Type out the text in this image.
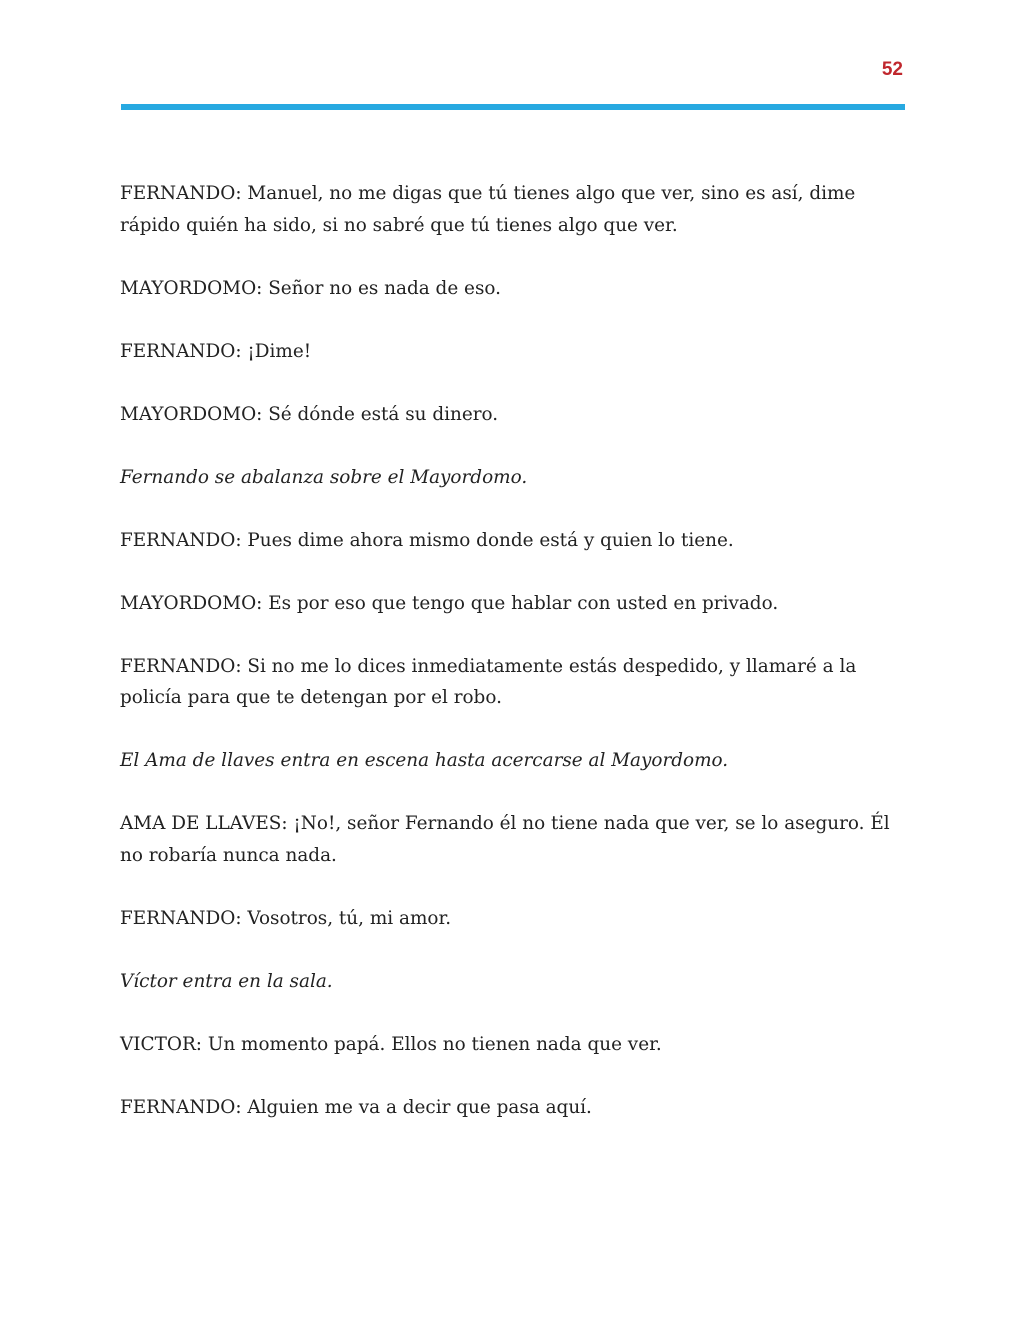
52

FERNANDO: Manuel, no me digas que tú tienes algo que ver, sino es así, dime rápido quién ha sido, si no sabré que tú tienes algo que ver.

MAYORDOMO: Señor no es nada de eso.

FERNANDO: ¡Dime!

MAYORDOMO: Sé dónde está su dinero.

Fernando se abalanza sobre el Mayordomo.

FERNANDO: Pues dime ahora mismo donde está y quien lo tiene.

MAYORDOMO: Es por eso que tengo que hablar con usted en privado.

FERNANDO: Si no me lo dices inmediatamente estás despedido, y llamaré a la policía para que te detengan por el robo.

El Ama de llaves entra en escena hasta acercarse al Mayordomo.

AMA DE LLAVES: ¡No!, señor Fernando él no tiene nada que ver, se lo aseguro. Él no robaría nunca nada.

FERNANDO: Vosotros, tú, mi amor.

Víctor entra en la sala.

VICTOR: Un momento papá. Ellos no tienen nada que ver.

FERNANDO: Alguien me va a decir que pasa aquí.
